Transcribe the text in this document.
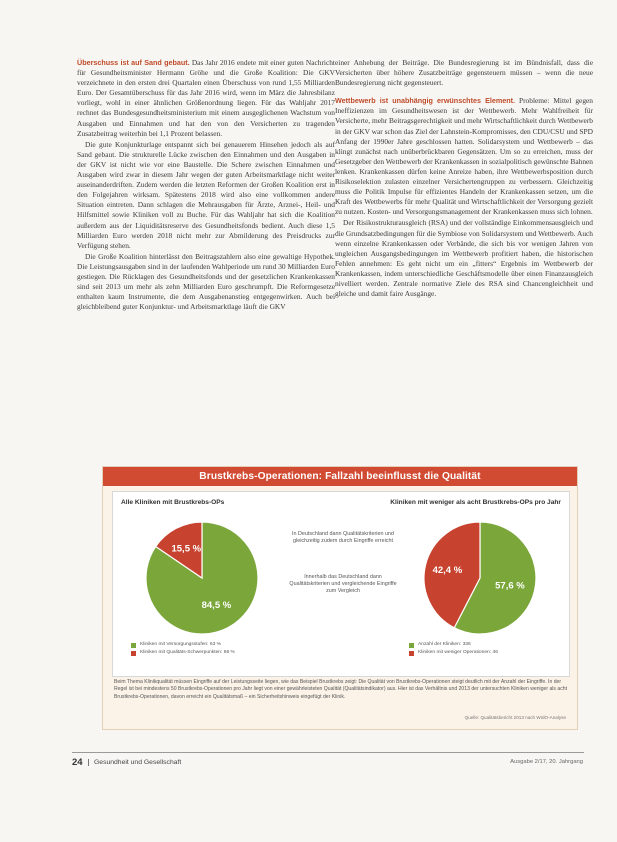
Überschuss ist auf Sand gebaut. Das Jahr 2016 endete mit einer guten Nachricht für Gesundheitsminister Hermann Gröhe und die Große Koalition: Die GKV verzeichnete in den ersten drei Quartalen einen Überschuss von rund 1,55 Milliarden Euro. Der Gesamtüberschuss für das Jahr 2016 wird, wenn im März die Jahresbilanz vorliegt, wohl in einer ähnlichen Größenordnung liegen. Für das Wahljahr 2017 rechnet das Bundesgesundheitsministerium mit einem ausgeglichenen Wachstum von Ausgaben und Einnahmen und hat den von den Versicherten zu tragenden Zusatzbeitrag weiterhin bei 1,1 Prozent belassen.

Die gute Konjunkturlage entspannt sich bei genauerem Hinsehen jedoch als auf Sand gebaut. Die strukturelle Lücke zwischen den Einnahmen und den Ausgaben in der GKV ist nicht wie vor eine Baustelle. Die Schere zwischen Einnahmen und Ausgaben wird zwar in diesem Jahr wegen der guten Arbeitsmarktlage nicht weiter auseinanderdriften. Zudem werden die letzten Reformen der Großen Koalition erst in den Folgejahren wirksam. Spätestens 2018 wird also eine vollkommen andere Situation eintreten. Dann schlagen die Mehrausgaben für Ärzte, Arznei-, Heil- und Hilfsmittel sowie Kliniken voll zu Buche. Für das Wahljahr hat sich die Koalition außerdem aus der Liquiditätsreserve des Gesundheitsfonds bedient. Auch diese 1,5 Milliarden Euro werden 2018 nicht mehr zur Abmilderung des Preisdrucks zur Verfügung stehen.

Die Große Koalition hinterlässt den Beitragszahlern also eine gewaltige Hypothek. Die Leistungsausgaben sind in der laufenden Wahlperiode um rund 30 Milliarden Euro gestiegen. Die Rücklagen des Gesundheitsfonds und der gesetzlichen Krankenkassen sind seit 2013 um mehr als zehn Milliarden Euro geschrumpft. Die Reformgesetze enthalten kaum Instrumente, die dem Ausgabenanstieg entgegenwirken. Auch bei gleichbleibend guter Konjunktur- und Arbeitsmarktlage läuft die GKV

einer Anhebung der Beiträge. Die Bundesregierung ist im Bündnisfall, dass die Versicherten über höhere Zusatzbeiträge gegensteuern müssen – wenn die neue Bundesregierung nicht gegensteuert.

Wettbewerb ist unabhängig erwünschtes Element. Probleme: Mittel gegen Ineffizienzen im Gesundheitswesen ist der Wettbewerb. Mehr Wahlfreiheit für Versicherte, mehr Beitragsgerechtigkeit und mehr Wirtschaftlichkeit durch Wettbewerb in der GKV war schon das Ziel der Lahnstein-Kompromisses, den CDU/CSU und SPD Anfang der 1990er Jahre geschlossen hatten. Solidarsystem und Wettbewerb – das klingt zunächst nach unüberbrückbaren Gegensätzen. Um so zu erreichen, muss der Gesetzgeber den Wettbewerb der Krankenkassen in sozialpolitisch gewünschte Bahnen lenken. Krankenkassen dürfen keine Anreize haben, ihre Wettbewerbsposition durch Risikoselektion zulasten einzelner Versichertengruppen zu verbessern. Gleichzeitig muss die Politik Impulse für effizientes Handeln der Krankenkassen setzen, um die Kraft des Wettbewerbs für mehr Qualität und Wirtschaftlichkeit der Versorgung gezielt zu nutzen. Kosten- und Versorgungsmanagement der Krankenkassen muss sich lohnen.

Der Risikostrukturausgleich (RSA) und der vollständige Einkommensausgleich und die Grundsatzbedingungen für die Symbiose von Solidarsystem und Wettbewerb. Auch wenn einzelne Krankenkassen oder Verbände, die sich bis vor wenigen Jahren von ungleichen Ausgangsbedingungen im Wettbewerb profitiert haben, die historischen Fehlen annehmen: Es geht nicht um ein „fitters“ Ergebnis im Wettbewerb der Krankenkassen, indem unterschiedliche Geschäftsmodelle über einen Finanzausgleich nivelliert werden. Zentrale normative Ziele des RSA sind Chancengleichheit und gleiche und damit faire Ausgänge.

Brustkrebs-Operationen: Fallzahl beeinflusst die Qualität
Alle Kliniken mit Brustkrebs-OPs	Kliniken mit weniger als acht Brustkrebs-OPs pro Jahr
84,5 %
15,5 %
57,6 %
42,4 %
In Deutschland dann Qualitätskriterien und gleichzeitig zudem durch Eingriffe erreicht
Innerhalb das Deutschland dann Qualitätskriterien und vergleichende Eingriffe zum Vergleich
Kliniken mit Versorgungsstufen: 63 %
Kliniken mit Qualitäts-Schwerpunkten: 66 %
Anzahl der Kliniken: 336
Kliniken mit weniger Operationen: 46
Beim Thema Klinikqualität müssen Eingriffe auf der Leistungsseite liegen, wie das Beispiel Brustkrebs zeigt: Die Qualität von Brustkrebs-Operationen steigt deutlich mit der Anzahl der Eingriffe. In der Regel ist bei mindestens 50 Brustkrebs-Operationen pro Jahr liegt von einer gewährleisteten Qualität (Qualitätsindikator) aus. Hier ist das Verhältnis und 2013 der untersuchten Kliniken weniger als acht Brustkrebs-Operationen, davon erreicht ein Qualitätsmaß – ein Sicherheitshinweis eingefügt der Klinik.
Quelle: Qualitätsbericht 2013 nach WIdO-Analyse
24	Gesundheit und Gesellschaft	Ausgabe 2/17, 20. Jahrgang
